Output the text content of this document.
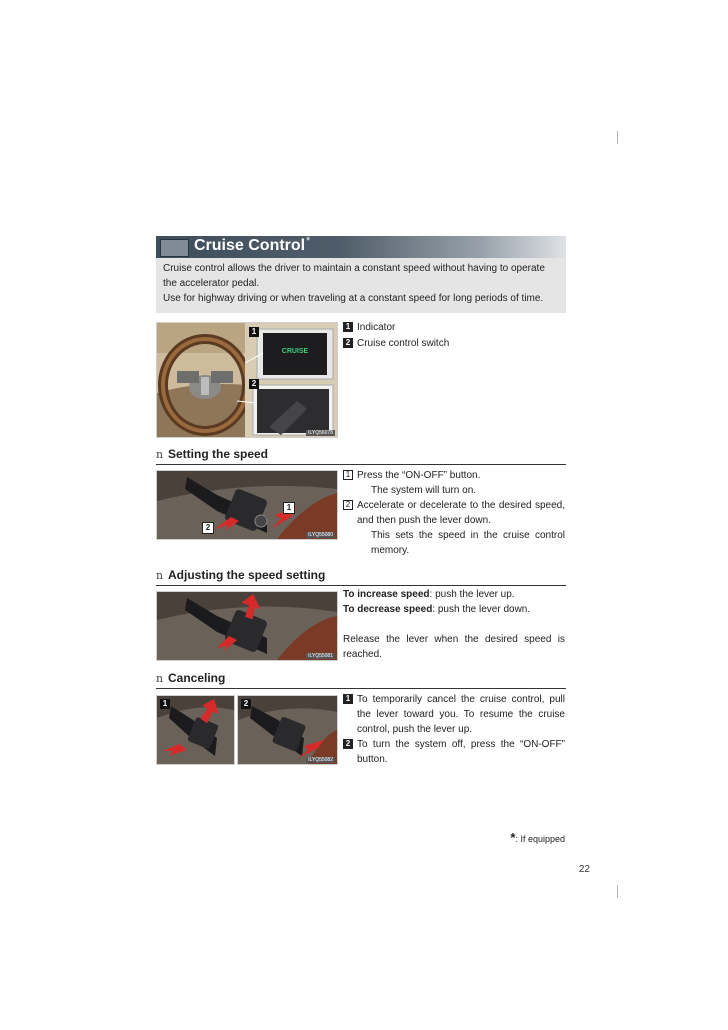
Cruise Control *

Cruise control allows the driver to maintain a constant speed without having to operate the accelerator pedal.

Use for highway driving or when traveling at a constant speed for long periods of time.

CRUISE
1
2
ILYQ56078
1 Indicator
2 Cruise control switch
n Setting the speed
1
2
ILYQ55080
1 Press the “ON-OFF” button.

The system will turn on.

2 Accelerate or decelerate to the desired speed, and then push the lever down.

This sets the speed in the cruise control memory.

n Adjusting the speed setting
ILYQ55081

To increase speed: push the lever up.

To decrease speed: push the lever down.

Release the lever when the desired speed is reached.

n Canceling
1	2
ILYQ55082
1 To temporarily cancel the cruise control, pull the lever toward you. To resume the cruise control, push the lever up.

2 To turn the system off, press the “ON-OFF” button.

*: If equipped
22
